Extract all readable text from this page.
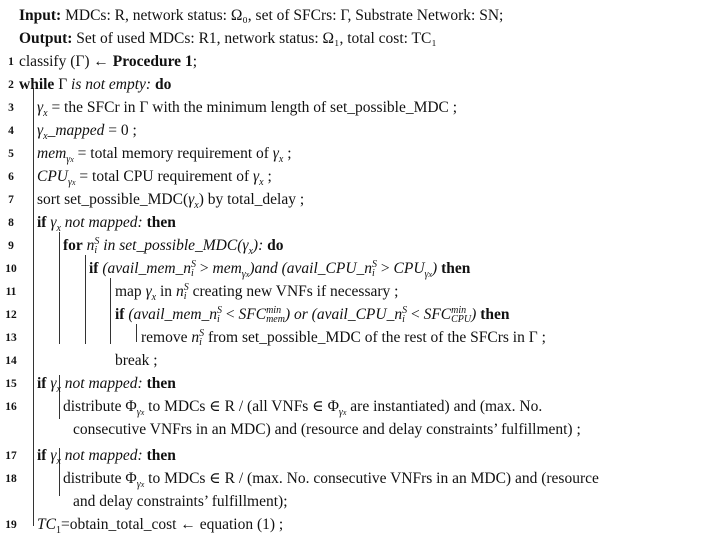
Input: MDCs: R, network status: Ω₀, set of SFCrs: Γ, Substrate Network: SN;
Output: Set of used MDCs: R1, network status: Ω₁, total cost: TC₁
1 classify (Γ) ← Procedure 1;
2 while Γ is not empty: do
3	$\gamma_x$ = the SFCr in Γ with the minimum length of set_possible_MDC ;
4	$\gamma_x\_mapped = 0$ ;
5	mem$_{\gamma x}$ = total memory requirement of $\gamma_x$ ;
6	$CPU_{\gamma x}$ = total CPU requirement of $\gamma_x$ ;
7	sort $set\_possible\_MDC(\gamma_x)$ by total_delay ;
8	if $\gamma_x$ not mapped: then
9	for nS
i in $set\_possible\_MDC(\gamma_x)$: do
10	if (avail_mem_nS
i > mem$_{\gamma x}$)and (avail_CPU_nS
$i > CPU_{\gamma x}$) then
11	map $\gamma_x$ in nS
i creating new VNFs if necessary ;
12	if (avail_mem_nS
i < SFCmin
mem) or (avail_CPU_nS
i < SFCmin
CPU) then
13	remove nS
i from set_possible_MDC of the rest of the SFCrs in Γ ;
14	break ;
15 if $\gamma_x$ not mapped: then
16	distribute $\Phi_{\gamma x}$ to MDCs ∈ R / (all VNFs ∈ $\Phi_{\gamma x}$ are instantiated) and (max. No.
consecutive VNFrs in an MDC) and (resource and delay constraints’ fulfillment) ;
17 if $\gamma_x$ not mapped: then
18	distribute $\Phi_{\gamma x}$ to MDCs ∈ R / (max. No. consecutive VNFrs in an MDC) and (resource
and delay constraints’ fulfillment);
19 $TC_1=obtain\_total\_\cos t$ ← equation (1) ;
